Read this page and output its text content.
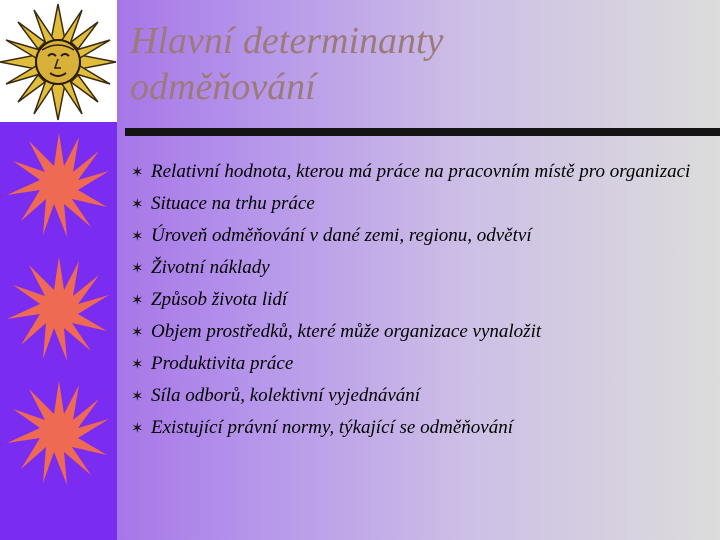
Hlavní determinanty
odměňování
✶ Relativní hodnota, kterou má práce na pracovním místě pro organizaci
✶ Situace na trhu práce
✶ Úroveň odměňování v dané zemi, regionu, odvětví
✶ Životní náklady
✶ Způsob života lidí
✶ Objem prostředků, které může organizace vynaložit
✶ Produktivita práce
✶ Síla odborů, kolektivní vyjednávání
✶ Existující právní normy, týkající se odměňování
